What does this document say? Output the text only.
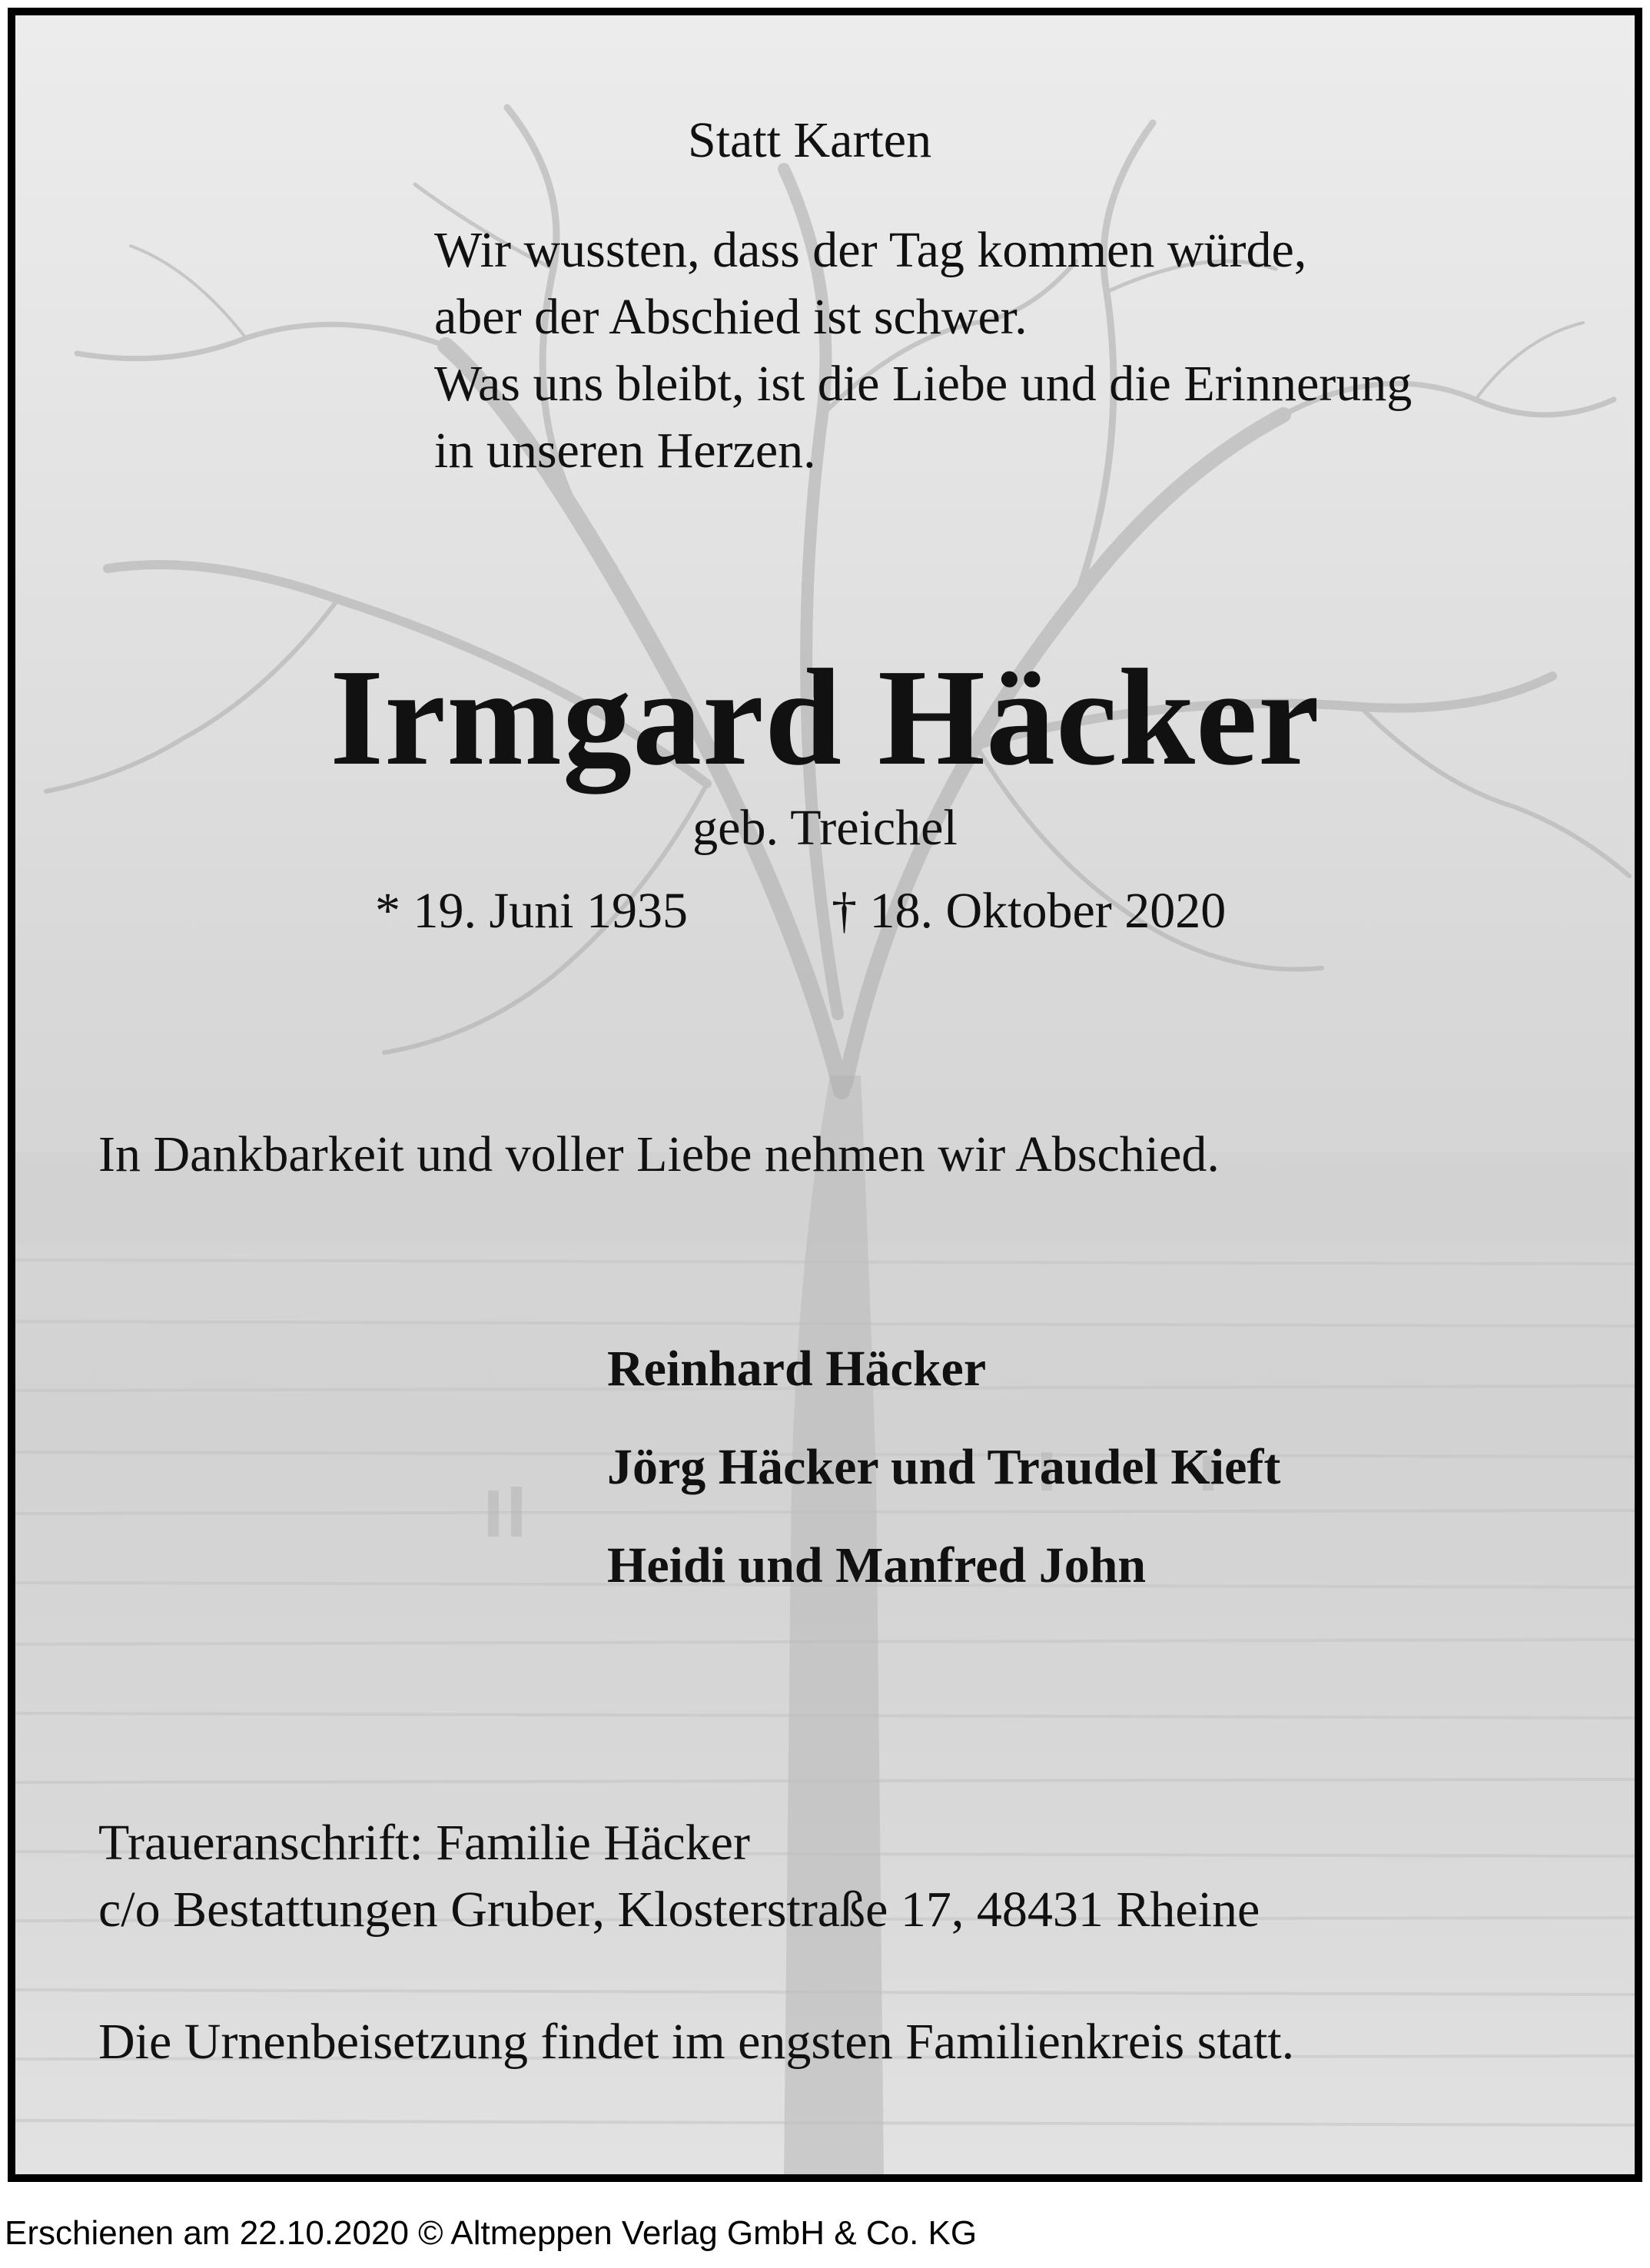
Statt Karten

Wir wussten, dass der Tag kommen würde,
aber der Abschied ist schwer.
Was uns bleibt, ist die Liebe und die Erinnerung
in unseren Herzen.
Irmgard Häcker

geb. Treichel

* 19. Juni 1935	† 18. Oktober 2020

In Dankbarkeit und voller Liebe nehmen wir Abschied.

Reinhard Häcker
Jörg Häcker und Traudel Kieft
Heidi und Manfred John
Traueranschrift: Familie Häcker
c/o Bestattungen Gruber, Klosterstraße 17, 48431 Rheine

Die Urnenbeisetzung findet im engsten Familienkreis statt.

Erschienen am 22.10.2020 © Altmeppen Verlag GmbH & Co. KG
